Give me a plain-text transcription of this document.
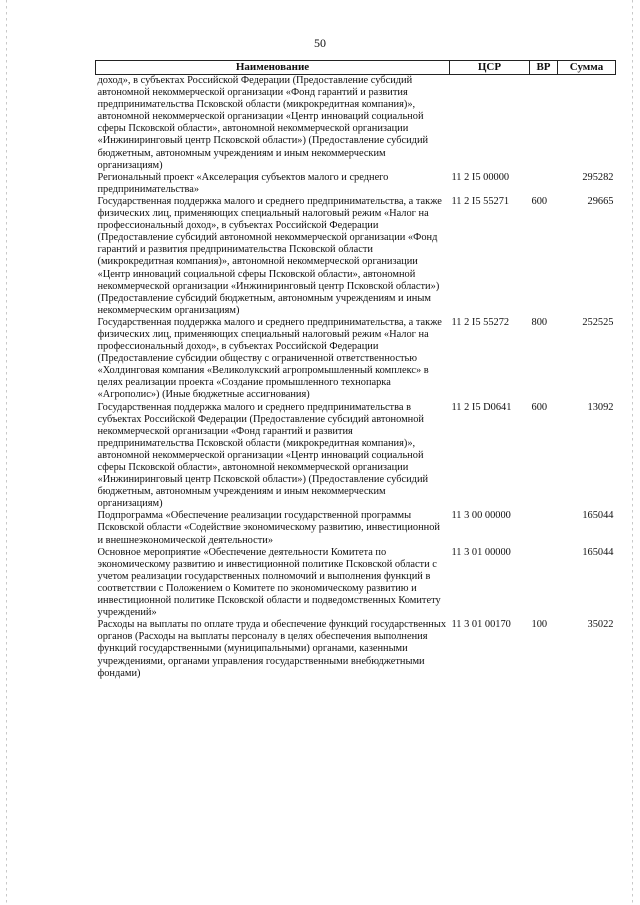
50
Наименование	ЦСР	ВР	Сумма
доход», в субъектах Российской Федерации (Предоставление субсидий автономной некоммерческой организации «Фонд гарантий и развития предпринимательства Псковской области (микрокредитная компания)», автономной некоммерческой организации «Центр инноваций социальной сферы Псковской области», автономной некоммерческой организации «Инжиниринговый центр Псковской области») (Предоставление субсидий бюджетным, автономным учреждениям и иным некоммерческим организациям)			
Региональный проект «Акселерация субъектов малого и среднего предпринимательства»	11 2 I5 00000		295282
Государственная поддержка малого и среднего предпринимательства, а также физических лиц, применяющих специальный налоговый режим «Налог на профессиональный доход», в субъектах Российской Федерации (Предоставление субсидий автономной некоммерческой организации «Фонд гарантий и развития предпринимательства Псковской области (микрокредитная компания)», автономной некоммерческой организации «Центр инноваций социальной сферы Псковской области», автономной некоммерческой организации «Инжиниринговый центр Псковской области») (Предоставление субсидий бюджетным, автономным учреждениям и иным некоммерческим организациям)	11 2 I5 55271	600	29665
Государственная поддержка малого и среднего предпринимательства, а также физических лиц, применяющих специальный налоговый режим «Налог на профессиональный доход», в субъектах Российской Федерации (Предоставление субсидии обществу с ограниченной ответственностью «Холдинговая компания «Великолукский агропромышленный комплекс» в целях реализации проекта «Создание промышленного технопарка «Агрополис») (Иные бюджетные ассигнования)	11 2 I5 55272	800	252525
Государственная поддержка малого и среднего предпринимательства в субъектах Российской Федерации (Предоставление субсидий автономной некоммерческой организации «Фонд гарантий и развития предпринимательства Псковской области (микрокредитная компания)», автономной некоммерческой организации «Центр инноваций социальной сферы Псковской области», автономной некоммерческой организации «Инжиниринговый центр Псковской области») (Предоставление субсидий бюджетным, автономным учреждениям и иным некоммерческим организациям)	11 2 I5 D0641	600	13092
Подпрограмма «Обеспечение реализации государственной программы Псковской области «Содействие экономическому развитию, инвестиционной и внешнеэкономической деятельности»	11 3 00 00000		165044
Основное мероприятие «Обеспечение деятельности Комитета по экономическому развитию и инвестиционной политике Псковской области с учетом реализации государственных полномочий и выполнения функций в соответствии с Положением о Комитете по экономическому развитию и инвестиционной политике Псковской области и подведомственных Комитету учреждений»	11 3 01 00000		165044
Расходы на выплаты по оплате труда и обеспечение функций государственных органов (Расходы на выплаты персоналу в целях обеспечения выполнения функций государственными (муниципальными) органами, казенными учреждениями, органами управления государственными внебюджетными фондами)	11 3 01 00170	100	35022
